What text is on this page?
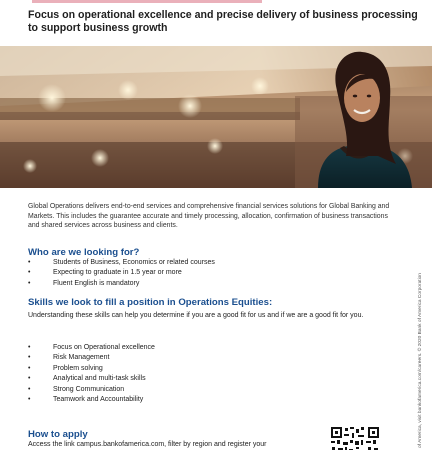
Focus on operational excellence and precise delivery of business processing to support business growth
Global Operations delivers end-to-end services and comprehensive financial services solutions for Global Banking and Markets. This includes the guarantee accurate and timely processing, allocation, confirmation of business transactions and shared services across business and clients.
Who are we looking for?
•	Students of Business, Economics or related courses
•	Expecting to graduate in 1.5 year or more
•	Fluent English is mandatory
Skills we look to fill a position in Operations Equities:
Understanding these skills can help you determine if you are a good fit for us and if we are a good fit for you.
•	Focus on Operational excellence
•	Risk Management
•	Problem solving
•	Analytical and multi-task skills
•	Strong Communication
•	Teamwork and Accountability
How to apply
Access the link campus.bankofamerica.com, filter by region and register your	of America, visit bankofamerica.com/careers. © 2020 Bank of America Corporation
